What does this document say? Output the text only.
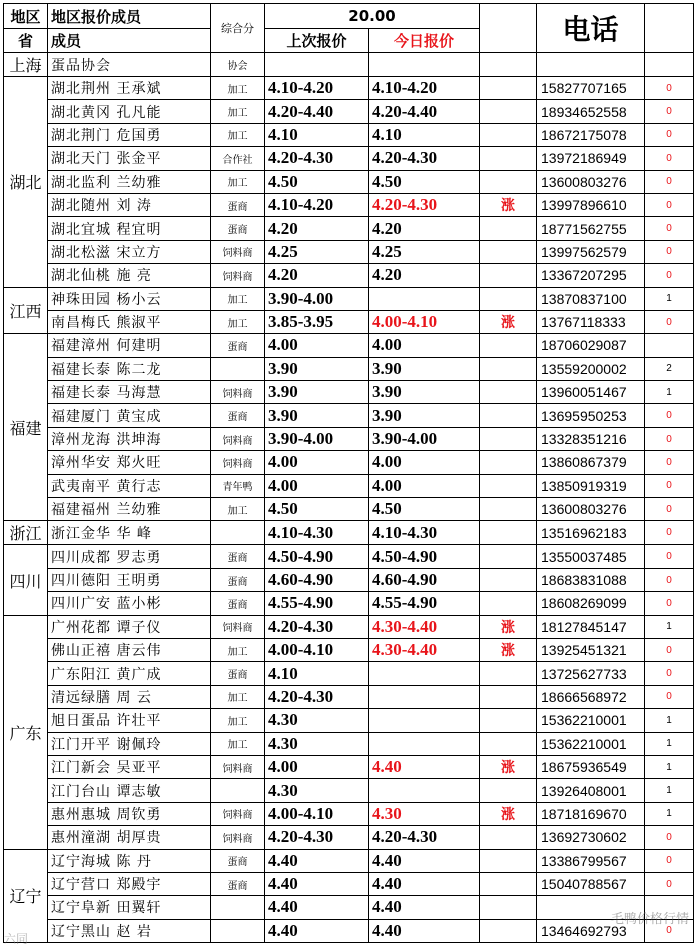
地区	地区报价成员	综合分	20.00			电话	
省	成员		上次报价	今日报价			
上海	蛋品协会	协会					
湖北	湖北荆州 王承斌	加工	4.10-4.20	4.10-4.20		15827707165	0
	湖北黄冈 孔凡能	加工	4.20-4.40	4.20-4.40		18934652558	0
	湖北荆门 危国勇	加工	4.10	4.10		18672175078	0
	湖北天门 张金平	合作社	4.20-4.30	4.20-4.30		13972186949	0
	湖北监利 兰幼雅	加工	4.50	4.50		13600803276	0
	湖北随州 刘 涛	蛋商	4.10-4.20	4.20-4.30	涨	13997896610	0
	湖北宜城 程宜明	蛋商	4.20	4.20		18771562755	0
	湖北松滋 宋立方	饲料商	4.25	4.25		13997562579	0
	湖北仙桃 施 亮	饲料商	4.20	4.20		13367207295	0
江西	神珠田园 杨小云	加工	3.90-4.00			13870837100	1
	南昌梅氏 熊淑平	加工	3.85-3.95	4.00-4.10	涨	13767118333	0
福建	福建漳州 何建明	蛋商	4.00	4.00		18706029087	
	福建长泰 陈二龙		3.90	3.90		13559200002	2
	福建长泰 马海慧	饲料商	3.90	3.90		13960051467	1
	福建厦门 黄宝成	蛋商	3.90	3.90		13695950253	0
	漳州龙海 洪坤海	饲料商	3.90-4.00	3.90-4.00		13328351216	0
	漳州华安 郑火旺	饲料商	4.00	4.00		13860867379	0
	武夷南平 黄行志	青年鸭	4.00	4.00		13850919319	0
	福建福州 兰幼雅	加工	4.50	4.50		13600803276	0
浙江	浙江金华 华 峰		4.10-4.30	4.10-4.30		13516962183	0
四川	四川成都 罗志勇	蛋商	4.50-4.90	4.50-4.90		13550037485	0
	四川德阳 王明勇	蛋商	4.60-4.90	4.60-4.90		18683831088	0
	四川广安 蓝小彬	蛋商	4.55-4.90	4.55-4.90		18608269099	0
广东	广州花都 谭子仪	饲料商	4.20-4.30	4.30-4.40	涨	18127845147	1
	佛山正禧 唐云伟	加工	4.00-4.10	4.30-4.40	涨	13925451321	0
	广东阳江 黄广成	蛋商	4.10			13725627733	0
	清远绿膳 周 云	加工	4.20-4.30			18666568972	0
	旭日蛋品 许壮平	加工	4.30			15362210001	1
	江门开平 谢佩玲	加工	4.30			15362210001	1
	江门新会 吴亚平	饲料商	4.00	4.40	涨	18675936549	1
	江门台山 谭志敏		4.30			13926408001	1
	惠州惠城 周钦勇	饲料商	4.00-4.10	4.30	涨	18718169670	1
	惠州潼湖 胡厚贵	饲料商	4.20-4.30	4.20-4.30		13692730602	0
辽宁	辽宁海城 陈 丹	蛋商	4.40	4.40		13386799567	0
	辽宁营口 郑殿宇	蛋商	4.40	4.40		15040788567	0
	辽宁阜新 田翼轩		4.40	4.40			
	辽宁黑山 赵 岩		4.40	4.40		13464692793	0
毛鸭价格行情
六同
